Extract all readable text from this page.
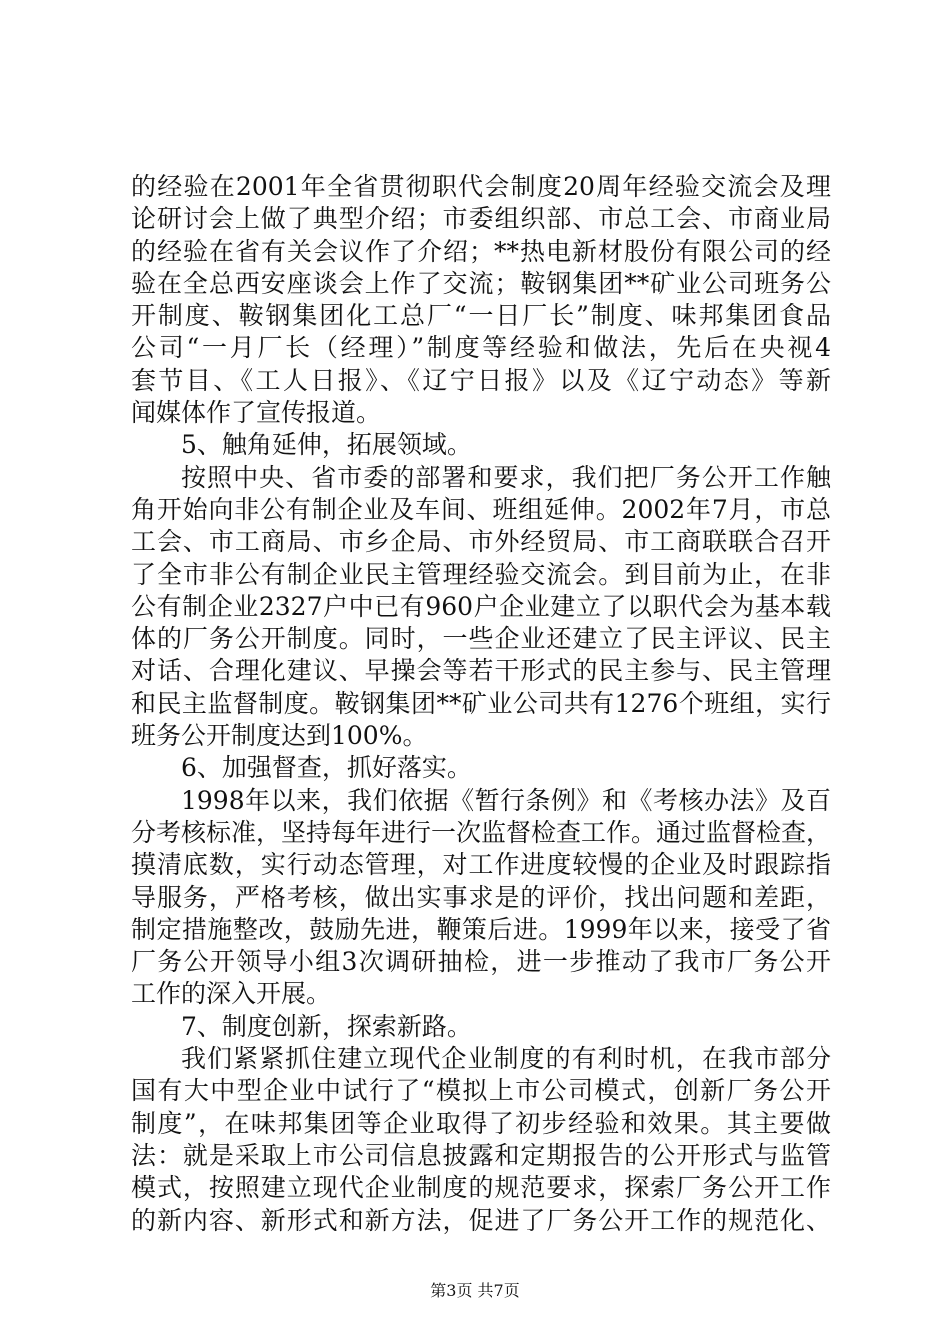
的经验在2001年全省贯彻职代会制度20周年经验交流会及理
论研讨会上做了典型介绍；市委组织部、市总工会、市商业局
的经验在省有关会议作了介绍；**热电新材股份有限公司的经
验在全总西安座谈会上作了交流；鞍钢集团**矿业公司班务公
开制度、鞍钢集团化工总厂“一日厂长”制度、味邦集团食品
公司“一月厂长（经理）”制度等经验和做法，先后在央视4
套节目、《工人日报》、《辽宁日报》以及《辽宁动态》等新
闻媒体作了宣传报道。
5、触角延伸，拓展领域。
按照中央、省市委的部署和要求，我们把厂务公开工作触
角开始向非公有制企业及车间、班组延伸。2002年7月，市总
工会、市工商局、市乡企局、市外经贸局、市工商联联合召开
了全市非公有制企业民主管理经验交流会。到目前为止，在非
公有制企业2327户中已有960户企业建立了以职代会为基本载
体的厂务公开制度。同时，一些企业还建立了民主评议、民主
对话、合理化建议、早操会等若干形式的民主参与、民主管理
和民主监督制度。鞍钢集团**矿业公司共有1276个班组，实行
班务公开制度达到100%。
6、加强督查，抓好落实。
1998年以来，我们依据《暂行条例》和《考核办法》及百
分考核标准，坚持每年进行一次监督检查工作。通过监督检查，
摸清底数，实行动态管理，对工作进度较慢的企业及时跟踪指
导服务，严格考核，做出实事求是的评价，找出问题和差距，
制定措施整改，鼓励先进，鞭策后进。1999年以来，接受了省
厂务公开领导小组3次调研抽检，进一步推动了我市厂务公开
工作的深入开展。
7、制度创新，探索新路。
我们紧紧抓住建立现代企业制度的有利时机，在我市部分
国有大中型企业中试行了“模拟上市公司模式，创新厂务公开
制度”，在味邦集团等企业取得了初步经验和效果。其主要做
法：就是采取上市公司信息披露和定期报告的公开形式与监管
模式，按照建立现代企业制度的规范要求，探索厂务公开工作
的新内容、新形式和新方法，促进了厂务公开工作的规范化、
第3页 共7页
